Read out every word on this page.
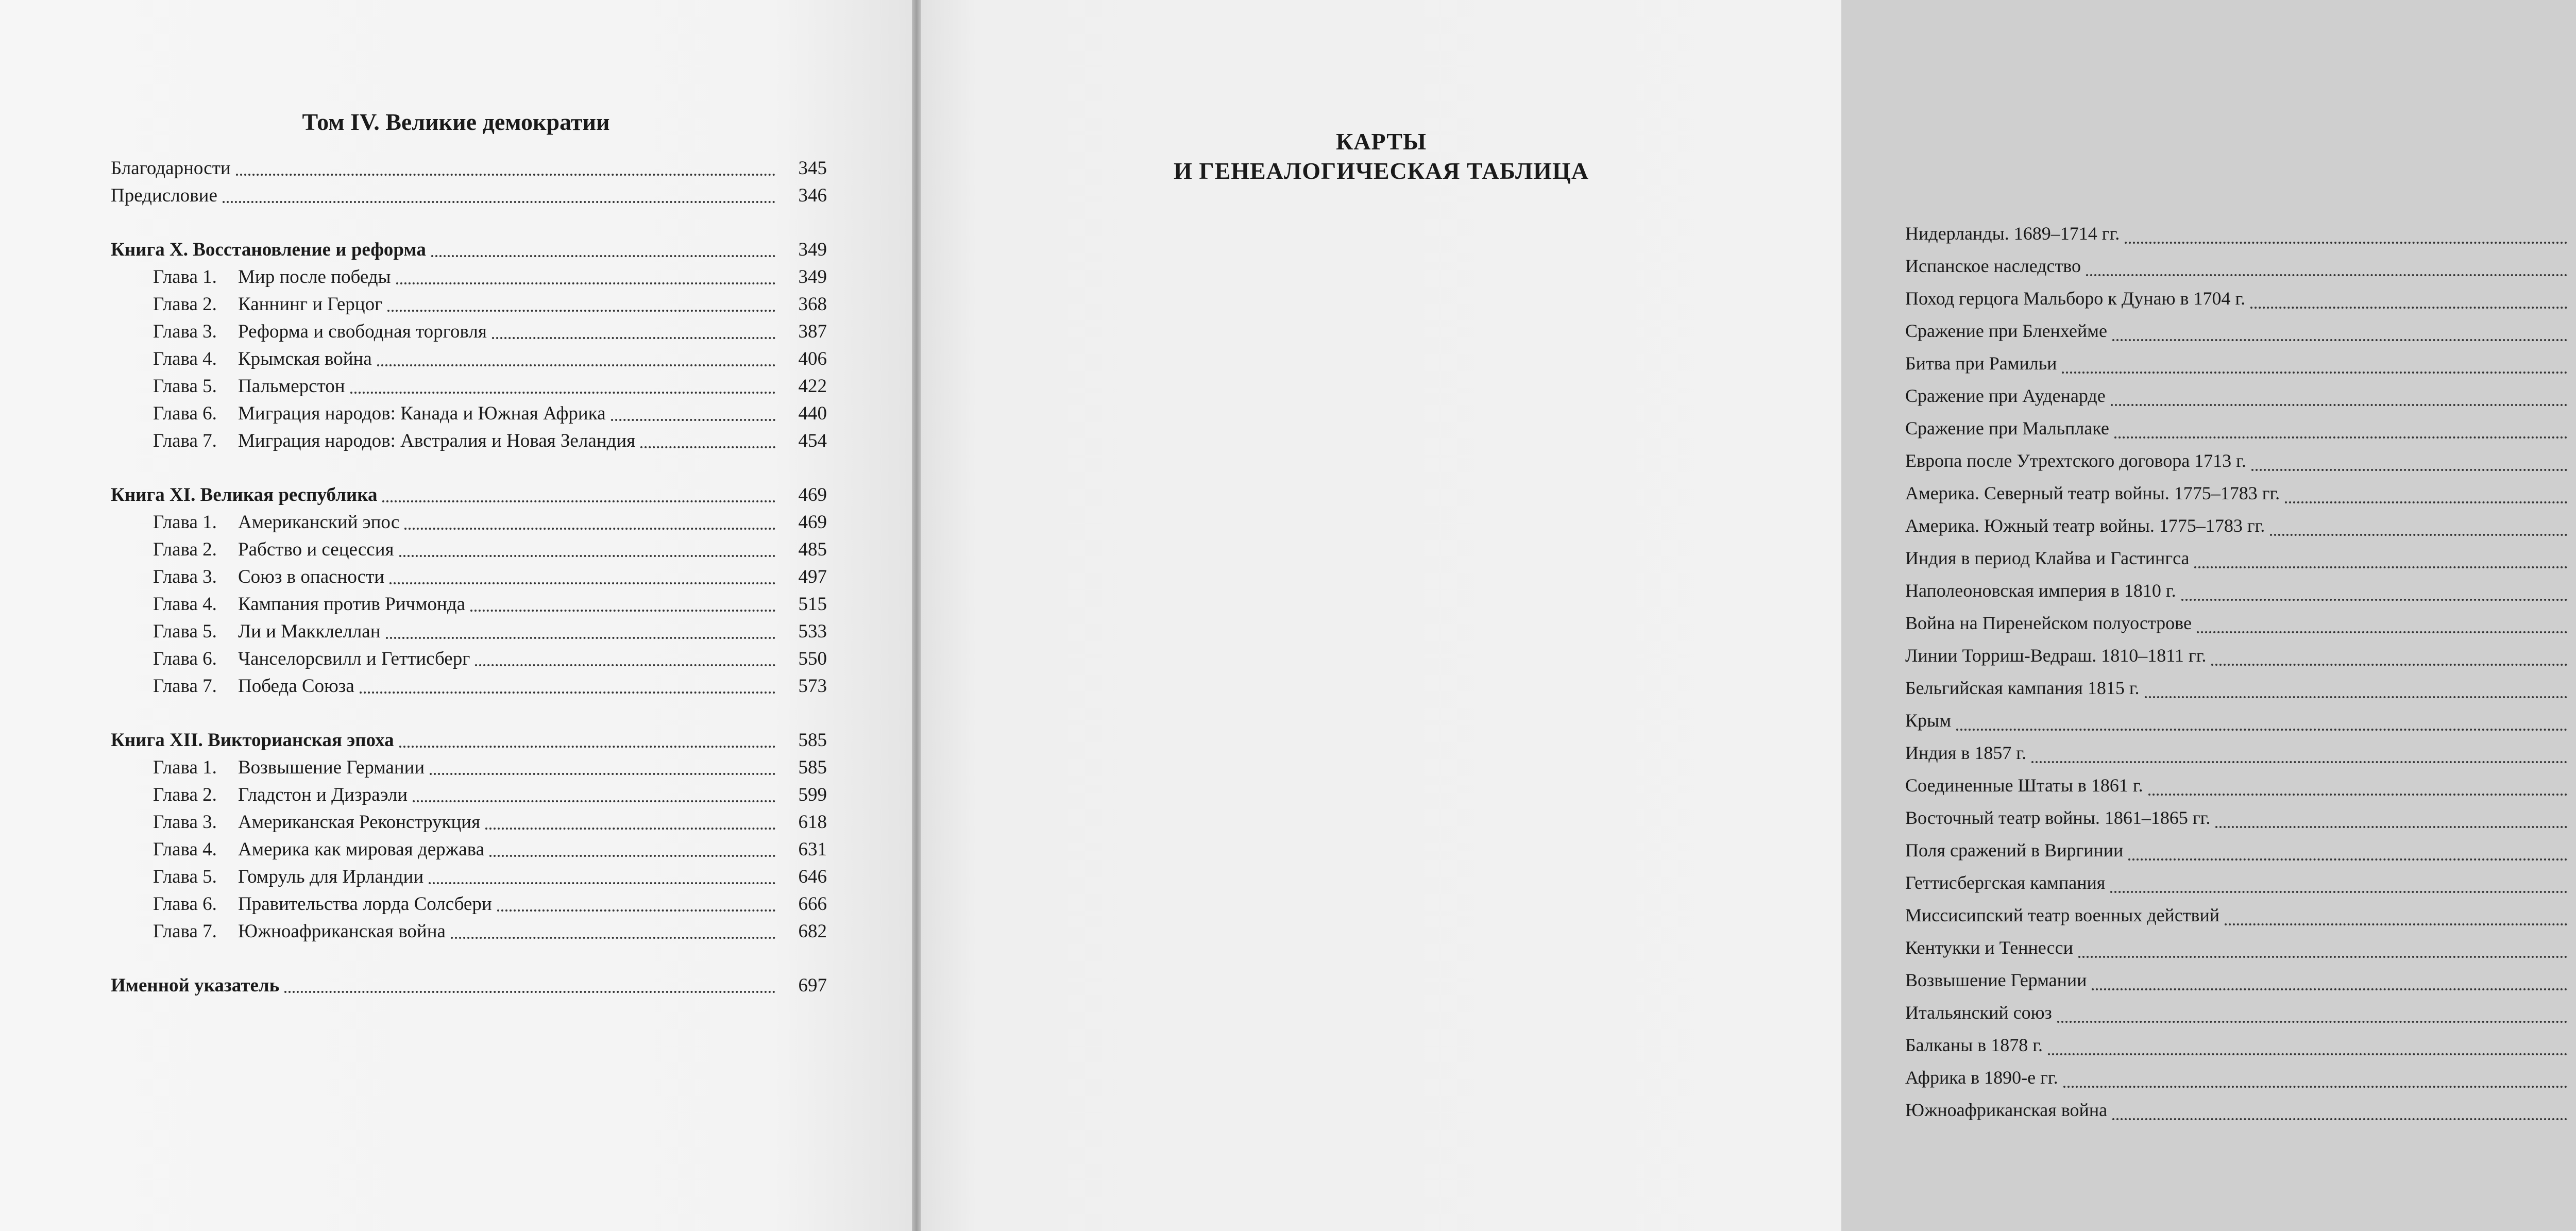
Том IV. Великие демократии
Благодарности	345
Предисловие	346
Книга X. Восстановление и реформа	349
Глава 1.	Мир после победы	349
Глава 2.	Каннинг и Герцог	368
Глава 3.	Реформа и свободная торговля	387
Глава 4.	Крымская война	406
Глава 5.	Пальмерстон	422
Глава 6.	Миграция народов: Канада и Южная Африка	440
Глава 7.	Миграция народов: Австралия и Новая Зеландия	454
Книга XI. Великая республика	469
Глава 1.	Американский эпос	469
Глава 2.	Рабство и сецессия	485
Глава 3.	Союз в опасности	497
Глава 4.	Кампания против Ричмонда	515
Глава 5.	Ли и Макклеллан	533
Глава 6.	Чанселорсвилл и Геттисберг	550
Глава 7.	Победа Союза	573
Книга XII. Викторианская эпоха	585
Глава 1.	Возвышение Германии	585
Глава 2.	Гладстон и Дизраэли	599
Глава 3.	Американская Реконструкция	618
Глава 4.	Америка как мировая держава	631
Глава 5.	Гомруль для Ирландии	646
Глава 6.	Правительства лорда Солсбери	666
Глава 7.	Южноафриканская война	682
Именной указатель	697
КАРТЫ
И ГЕНЕАЛОГИЧЕСКАЯ ТАБЛИЦА
Нидерланды. 1689–1714 гг.
Испанское наследство
Поход герцога Мальборо к Дунаю в 1704 г.
Сражение при Бленхейме
Битва при Рамильи
Сражение при Ауденарде
Сражение при Мальплаке
Европа после Утрехтского договора 1713 г.
Америка. Северный театр войны. 1775–1783 гг.
Америка. Южный театр войны. 1775–1783 гг.
Индия в период Клайва и Гастингса
Наполеоновская империя в 1810 г.
Война на Пиренейском полуострове
Линии Торриш-Ведраш. 1810–1811 гг.
Бельгийская кампания 1815 г.
Крым
Индия в 1857 г.
Соединенные Штаты в 1861 г.
Восточный театр войны. 1861–1865 гг.
Поля сражений в Виргинии
Геттисбергская кампания
Миссисипский театр военных действий
Кентукки и Теннесси
Возвышение Германии
Итальянский союз
Балканы в 1878 г.
Африка в 1890-е гг.
Южноафриканская война
